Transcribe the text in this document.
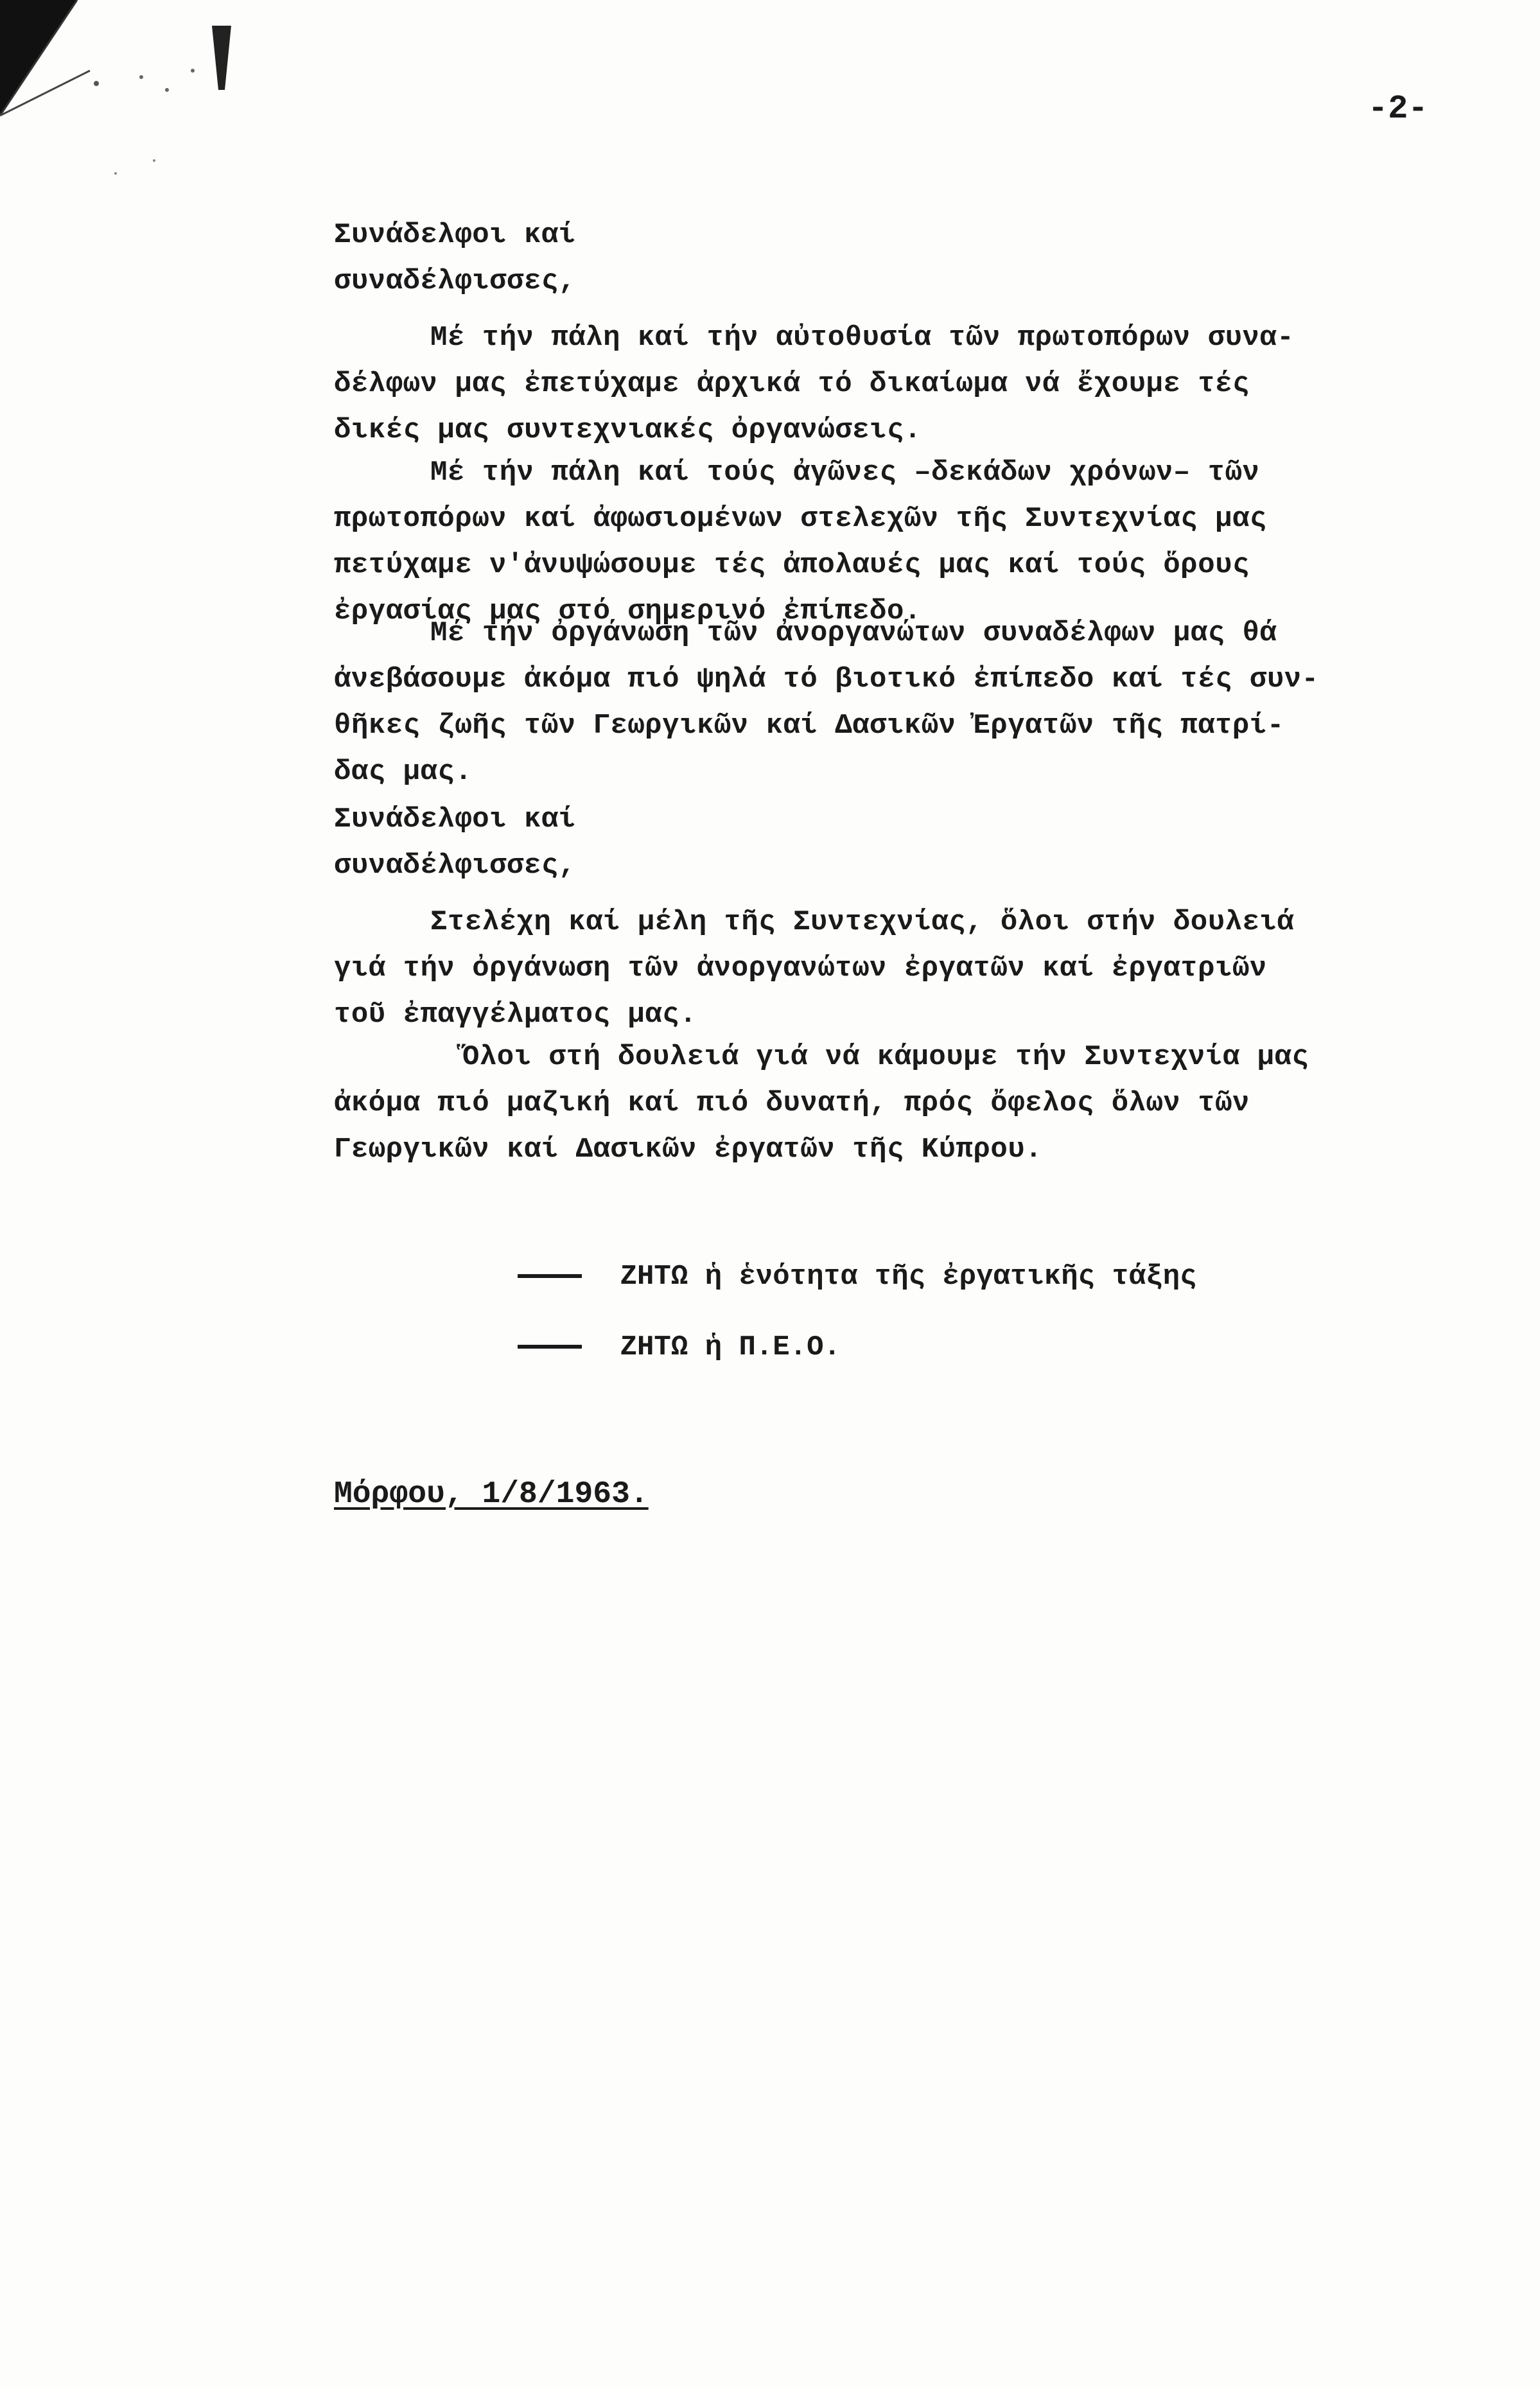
-2-
Συνάδελφοι καί
συναδέλφισσες,
Μέ τήν πάλη καί τήν αὐτοθυσία τῶν πρωτοπόρων συνα-
δέλφων μας ἐπετύχαμε ἀρχικά τό δικαίωμα νά ἔχουμε τές
δικές μας συντεχνιακές ὀργανώσεις.
Μέ τήν πάλη καί τούς ἀγῶνες –δεκάδων χρόνων– τῶν
πρωτοπόρων καί ἀφωσιομένων στελεχῶν τῆς Συντεχνίας μας
πετύχαμε ν'ἀνυψώσουμε τές ἀπολαυές μας καί τούς ὅρους
ἐργασίας μας στό σημερινό ἐπίπεδο.
Μέ τήν ὀργάνωση τῶν ἀνοργανώτων συναδέλφων μας θά
ἀνεβάσουμε ἀκόμα πιό ψηλά τό βιοτικό ἐπίπεδο καί τές συν-
θῆκες ζωῆς τῶν Γεωργικῶν καί Δασικῶν Ἐργατῶν τῆς πατρί-
δας μας.
Συνάδελφοι καί
συναδέλφισσες,
Στελέχη καί μέλη τῆς Συντεχνίας, ὅλοι στήν δουλειά
γιά τήν ὀργάνωση τῶν ἀνοργανώτων ἐργατῶν καί ἐργατριῶν
τοῦ ἐπαγγέλματος μας.
Ὅλοι στή δουλειά γιά νά κάμουμε τήν Συντεχνία μας
ἀκόμα πιό μαζική καί πιό δυνατή, πρός ὄφελος ὅλων τῶν
Γεωργικῶν καί Δασικῶν ἐργατῶν τῆς Κύπρου.

ΖΗΤΩ ἡ ἑνότητα τῆς ἐργατικῆς τάξης

ΖΗΤΩ ἡ Π.Ε.Ο.

Μόρφου, 1/8/1963.
